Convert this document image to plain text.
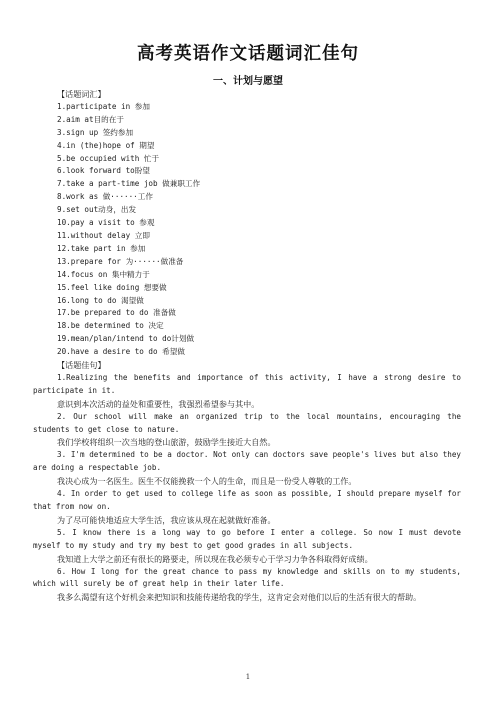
高考英语作文话题词汇佳句
一、计划与愿望
【话题词汇】
1.participate in 参加
2.aim at目的在于
3.sign up 签约参加
4.in (the)hope of 期望
5.be occupied with 忙于
6.look forward to盼望
7.take a part-time job 做兼职工作
8.work as 做······工作
9.set out动身，出发
10.pay a visit to 参观
11.without delay 立即
12.take part in 参加
13.prepare for 为······做准备
14.focus on 集中精力于
15.feel like doing 想要做
16.long to do 渴望做
17.be prepared to do 准备做
18.be determined to 决定
19.mean/plan/intend to do计划做
20.have a desire to do 希望做
【话题佳句】
1.Realizing the benefits and importance of this activity, I have a strong desire to participate in it.
意识到本次活动的益处和重要性，我强烈希望参与其中。
2. Our school will make an organized trip to the local mountains, encouraging the students to get close to nature.
我们学校将组织一次当地的登山旅游，鼓励学生接近大自然。
3. I'm determined to be a doctor. Not only can doctors save people's lives but also they are doing a respectable job.
我决心成为一名医生。医生不仅能挽救一个人的生命，而且是一份受人尊敬的工作。
4. In order to get used to college life as soon as possible, I should prepare myself for that from now on.
为了尽可能快地适应大学生活，我应该从现在起就做好准备。
5. I know there is a long way to go before I enter a college. So now I must devote myself to my study and try my best to get good grades in all subjects.
我知道上大学之前还有很长的路要走，所以现在我必须专心于学习力争各科取得好成绩。
6. How I long for the great chance to pass my knowledge and skills on to my students, which will surely be of great help in their later life.
我多么渴望有这个好机会来把知识和技能传递给我的学生，这肯定会对他们以后的生活有很大的帮助。
1
